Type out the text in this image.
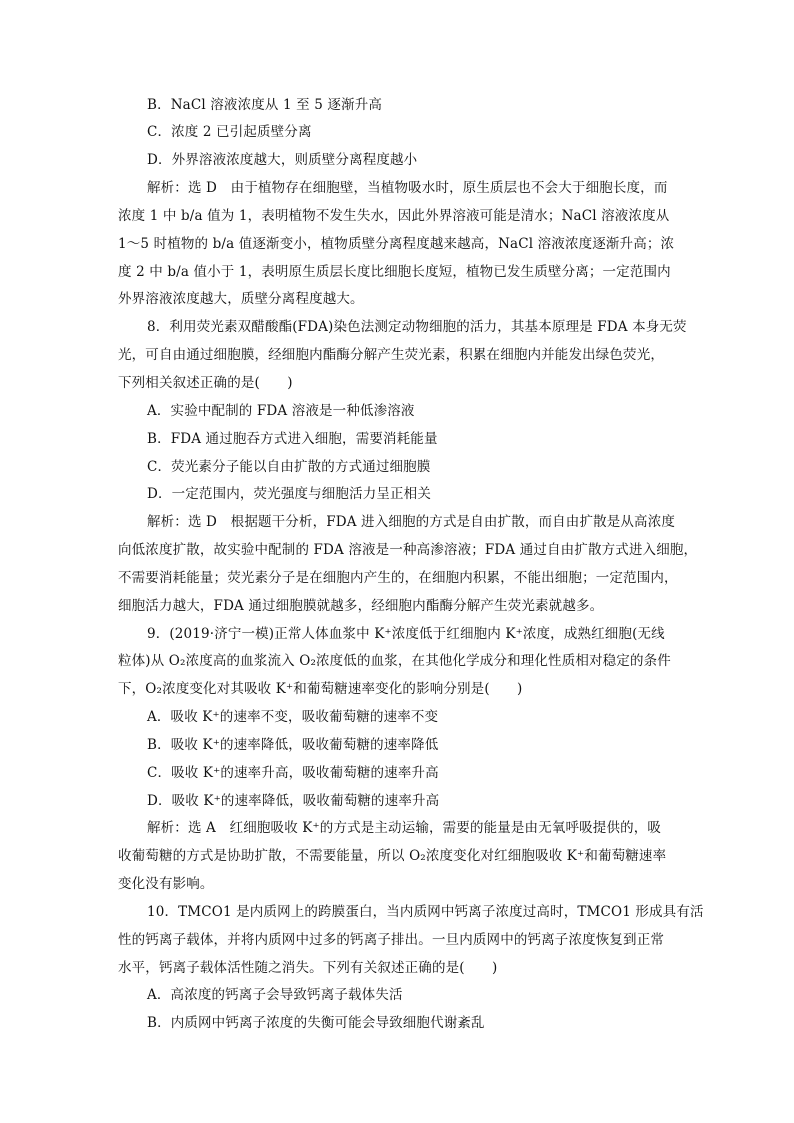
B．NaCl 溶液浓度从 1 至 5 逐渐升高
C．浓度 2 已引起质壁分离
D．外界溶液浓度越大，则质壁分离程度越小
解析：选 D　由于植物存在细胞壁，当植物吸水时，原生质层也不会大于细胞长度，而
浓度 1 中 b/a 值为 1，表明植物不发生失水，因此外界溶液可能是清水；NaCl 溶液浓度从
1～5 时植物的 b/a 值逐渐变小，植物质壁分离程度越来越高，NaCl 溶液浓度逐渐升高；浓
度 2 中 b/a 值小于 1，表明原生质层长度比细胞长度短，植物已发生质壁分离；一定范围内
外界溶液浓度越大，质壁分离程度越大。
8．利用荧光素双醋酸酯(FDA)染色法测定动物细胞的活力，其基本原理是 FDA 本身无荧
光，可自由通过细胞膜，经细胞内酯酶分解产生荧光素，积累在细胞内并能发出绿色荧光，
下列相关叙述正确的是(　　)
A．实验中配制的 FDA 溶液是一种低渗溶液
B．FDA 通过胞吞方式进入细胞，需要消耗能量
C．荧光素分子能以自由扩散的方式通过细胞膜
D．一定范围内，荧光强度与细胞活力呈正相关
解析：选 D　根据题干分析，FDA 进入细胞的方式是自由扩散，而自由扩散是从高浓度
向低浓度扩散，故实验中配制的 FDA 溶液是一种高渗溶液；FDA 通过自由扩散方式进入细胞，
不需要消耗能量；荧光素分子是在细胞内产生的，在细胞内积累，不能出细胞；一定范围内，
细胞活力越大，FDA 通过细胞膜就越多，经细胞内酯酶分解产生荧光素就越多。
9．(2019·济宁一模)正常人体血浆中 K⁺浓度低于红细胞内 K⁺浓度，成熟红细胞(无线
粒体)从 O₂浓度高的血浆流入 O₂浓度低的血浆，在其他化学成分和理化性质相对稳定的条件
下，O₂浓度变化对其吸收 K⁺和葡萄糖速率变化的影响分别是(　　)
A．吸收 K⁺的速率不变，吸收葡萄糖的速率不变
B．吸收 K⁺的速率降低，吸收葡萄糖的速率降低
C．吸收 K⁺的速率升高，吸收葡萄糖的速率升高
D．吸收 K⁺的速率降低，吸收葡萄糖的速率升高
解析：选 A　红细胞吸收 K⁺的方式是主动运输，需要的能量是由无氧呼吸提供的，吸
收葡萄糖的方式是协助扩散，不需要能量，所以 O₂浓度变化对红细胞吸收 K⁺和葡萄糖速率
变化没有影响。
10．TMCO1 是内质网上的跨膜蛋白，当内质网中钙离子浓度过高时，TMCO1 形成具有活
性的钙离子载体，并将内质网中过多的钙离子排出。一旦内质网中的钙离子浓度恢复到正常
水平，钙离子载体活性随之消失。下列有关叙述正确的是(　　)
A．高浓度的钙离子会导致钙离子载体失活
B．内质网中钙离子浓度的失衡可能会导致细胞代谢紊乱
